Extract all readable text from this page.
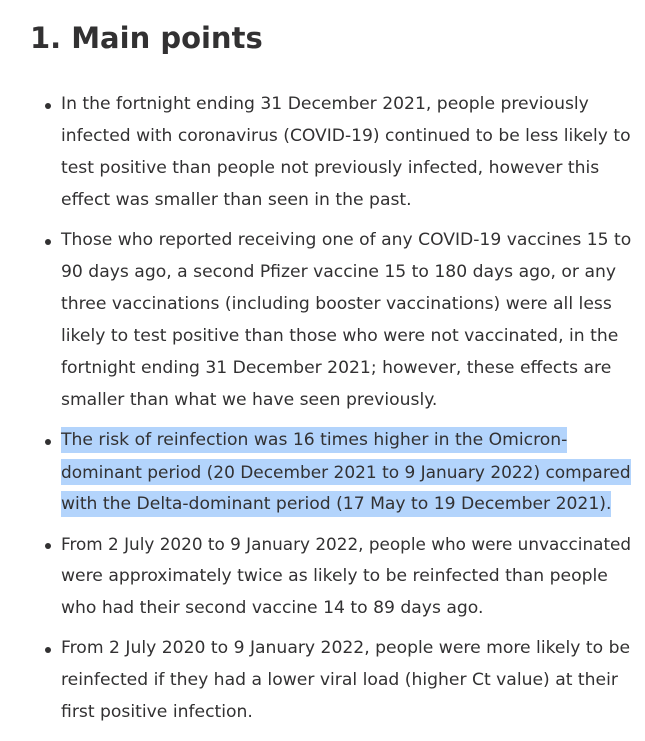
1. Main points
In the fortnight ending 31 December 2021, people previously
infected with coronavirus (COVID-19) continued to be less likely to
test positive than people not previously infected, however this
effect was smaller than seen in the past.
Those who reported receiving one of any COVID-19 vaccines 15 to
90 days ago, a second Pfizer vaccine 15 to 180 days ago, or any
three vaccinations (including booster vaccinations) were all less
likely to test positive than those who were not vaccinated, in the
fortnight ending 31 December 2021; however, these effects are
smaller than what we have seen previously.
The risk of reinfection was 16 times higher in the Omicron-
dominant period (20 December 2021 to 9 January 2022) compared
with the Delta-dominant period (17 May to 19 December 2021).
From 2 July 2020 to 9 January 2022, people who were unvaccinated
were approximately twice as likely to be reinfected than people
who had their second vaccine 14 to 89 days ago.
From 2 July 2020 to 9 January 2022, people were more likely to be
reinfected if they had a lower viral load (higher Ct value) at their
first positive infection.
